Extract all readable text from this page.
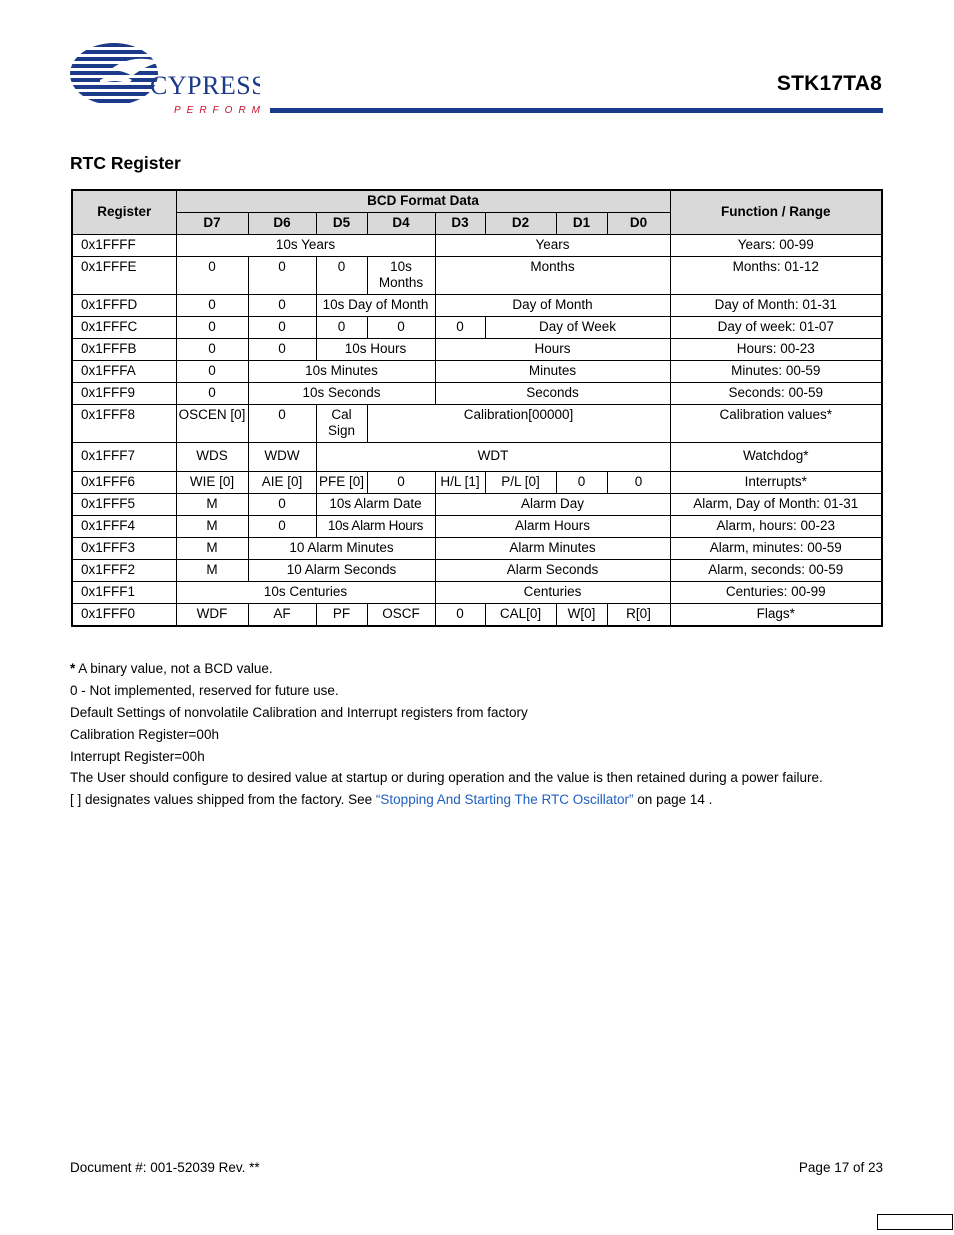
CYPRESS
PERFORM
STK17TA8
RTC Register
Register	BCD Format Data								Function / Range
	D7	D6	D5	D4	D3	D2	D1	D0	
0x1FFFF	10s Years				Years				Years: 00-99
0x1FFFE	0	0	0	10s Months	Months				Months: 01-12
0x1FFFD	0	0	10s Day of Month		Day of Month				Day of Month: 01-31
0x1FFFC	0	0	0	0	0	Day of Week			Day of week: 01-07
0x1FFFB	0	0	10s Hours		Hours				Hours: 00-23
0x1FFFA	0	10s Minutes			Minutes				Minutes: 00-59
0x1FFF9	0	10s Seconds			Seconds				Seconds: 00-59
0x1FFF8	OSCEN [0]	0	Cal Sign	Calibration[00000]					Calibration values*
0x1FFF7	WDS	WDW	WDT						Watchdog*
0x1FFF6	WIE [0]	AIE [0]	PFE [0]	0	H/L [1]	P/L [0]	0	0	Interrupts*
0x1FFF5	M	0	10s Alarm Date		Alarm Day				Alarm, Day of Month: 01-31
0x1FFF4	M	0	10s Alarm Hours		Alarm Hours				Alarm, hours: 00-23
0x1FFF3	M	10 Alarm Minutes			Alarm Minutes				Alarm, minutes: 00-59
0x1FFF2	M	10 Alarm Seconds			Alarm Seconds				Alarm, seconds: 00-59
0x1FFF1	10s Centuries				Centuries				Centuries: 00-99
0x1FFF0	WDF	AF	PF	OSCF	0	CAL[0]	W[0]	R[0]	Flags*

* A binary value, not a BCD value.

0 - Not implemented, reserved for future use.

Default Settings of nonvolatile Calibration and Interrupt registers from factory

Calibration Register=00h

Interrupt Register=00h

The User should configure to desired value at startup or during operation and the value is then retained during a power failure.

[ ] designates values shipped from the factory. See “Stopping And Starting The RTC Oscillator” on page 14 .

Document #: 001-52039 Rev. **	Page 17 of 23
